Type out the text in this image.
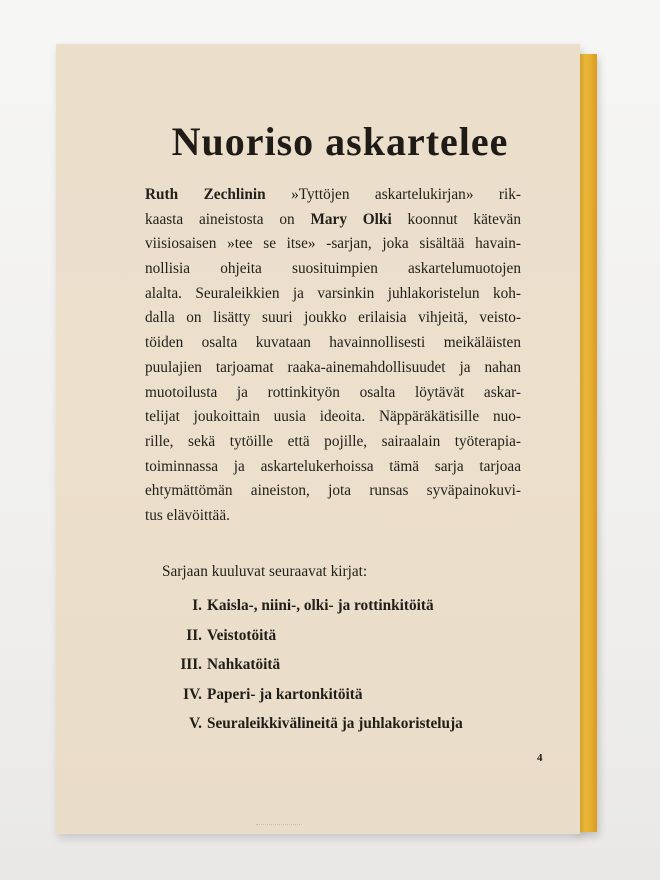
Nuoriso askartelee
Ruth Zechlinin »Tyttöjen askartelukirjan» rik-
kaasta aineistosta on Mary Olki koonnut kätevän
viisiosaisen »tee se itse» -sarjan, joka sisältää havain-
nollisia ohjeita suosituimpien askartelumuotojen
alalta. Seuraleikkien ja varsinkin juhlakoristelun koh-
dalla on lisätty suuri joukko erilaisia vihjeitä, veisto-
töiden osalta kuvataan havainnollisesti meikäläisten
puulajien tarjoamat raaka-ainemahdollisuudet ja nahan
muotoilusta ja rottinkityön osalta löytävät askar-
telijat joukoittain uusia ideoita. Näppäräkätisille nuo-
rille, sekä tytöille että pojille, sairaalain työterapia-
toiminnassa ja askartelukerhoissa tämä sarja tarjoaa
ehtymättömän aineiston, jota runsas syväpainokuvi-
tus elävöittää.

Sarjaan kuuluvat seuraavat kirjat:

I. Kaisla-, niini-, olki- ja rottinkitöitä
II. Veistotöitä
III. Nahkatöitä
IV. Paperi- ja kartonkitöitä
V. Seuraleikkivälineitä ja juhlakoristeluja

4
